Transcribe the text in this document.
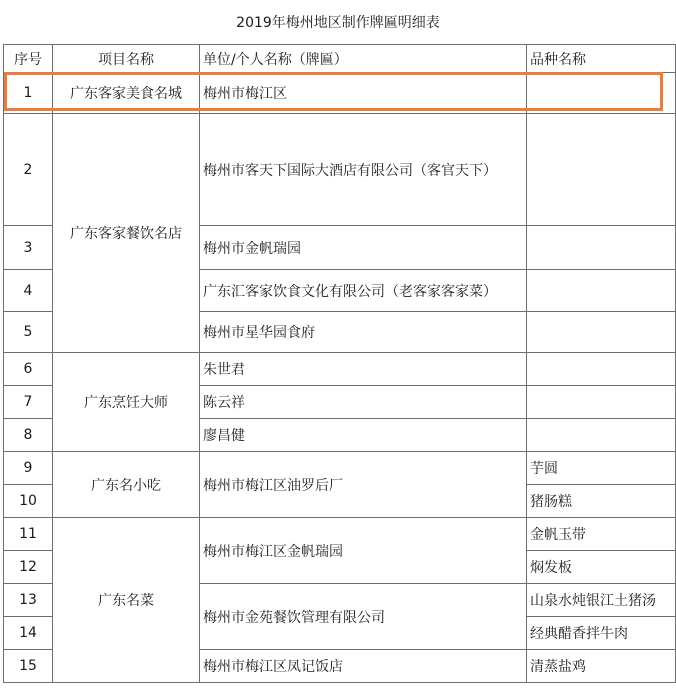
2019年梅州地区制作牌匾明细表
序号	项目名称	单位/个人名称（牌匾）	品种名称
1	广东客家美食名城	梅州市梅江区	
2	广东客家餐饮名店	梅州市客天下国际大酒店有限公司（客官天下）	
3		梅州市金帆瑞园	
4		广东汇客家饮食文化有限公司（老客家客家菜）	
5		梅州市星华园食府	
6	广东烹饪大师	朱世君	
7		陈云祥	
8		廖昌健	
9	广东名小吃	梅州市梅江区油罗后厂	芋圆
10			猪肠糕
11	广东名菜	梅州市梅江区金帆瑞园	金帆玉带
12			焖发板
13		梅州市金苑餐饮管理有限公司	山泉水炖银江土猪汤
14			经典醋香拌牛肉
15		梅州市梅江区凤记饭店	清蒸盐鸡
